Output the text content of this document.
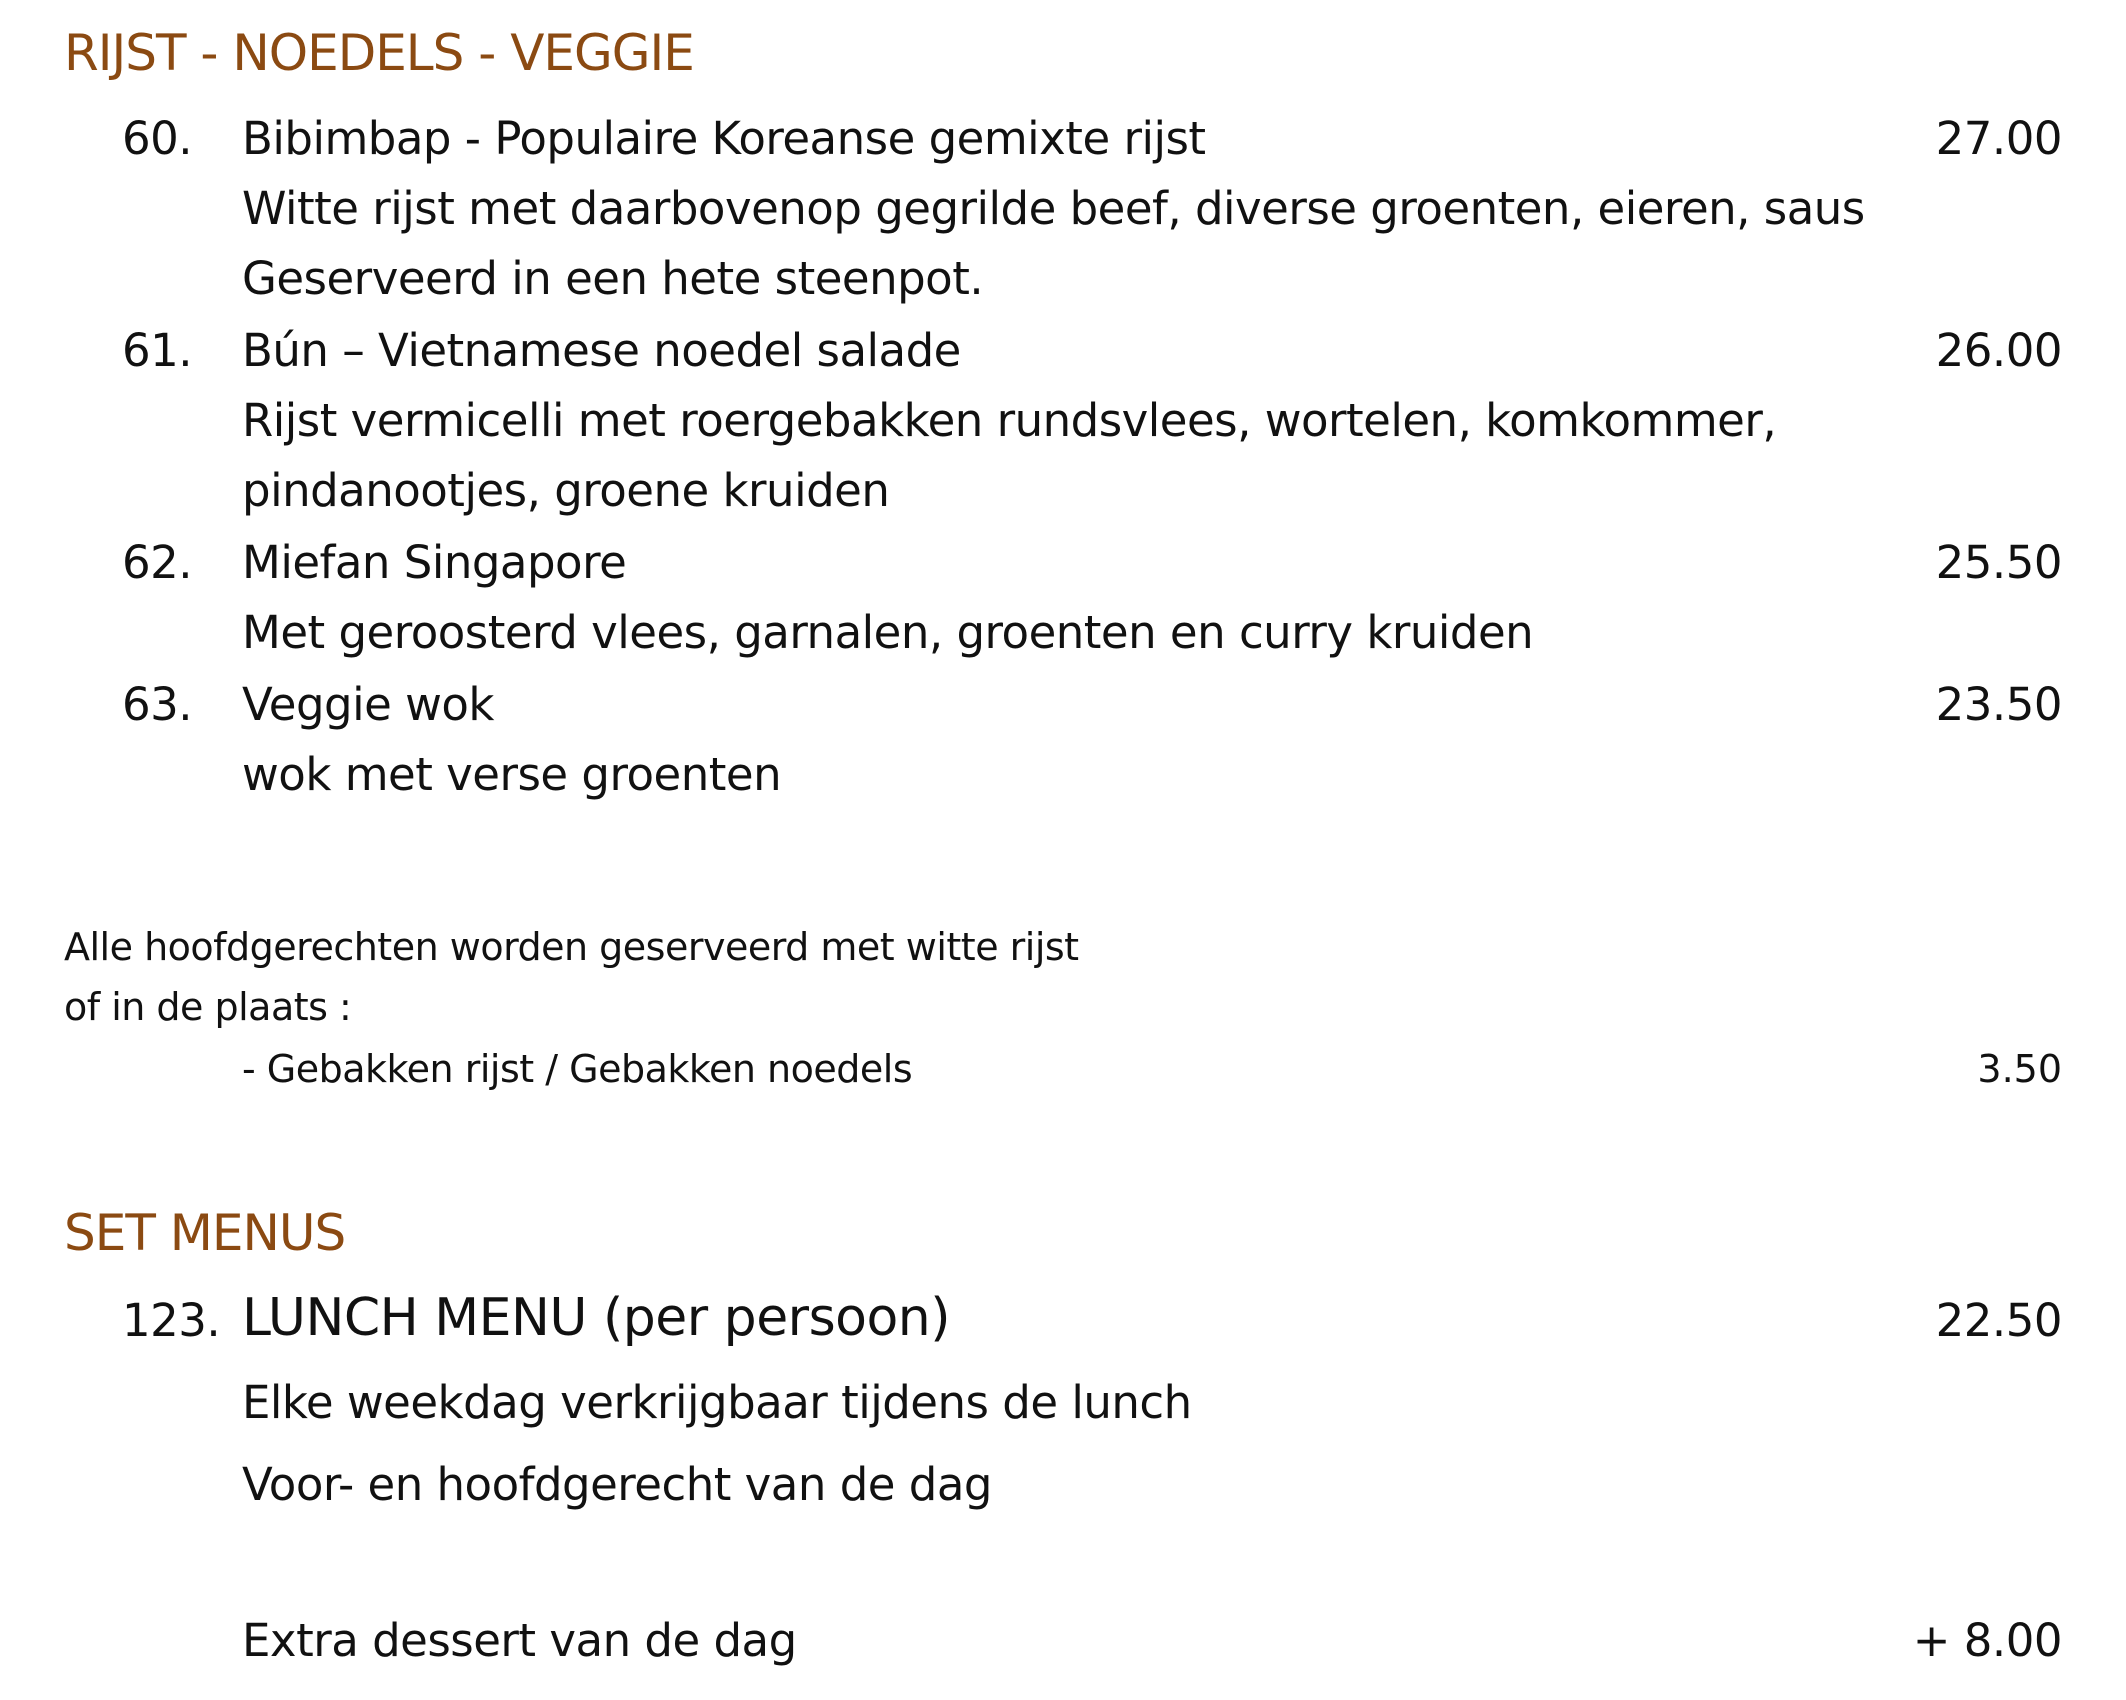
RIJST - NOEDELS - VEGGIE
60. Bibimbap - Populaire Koreanse gemixte rijst	27.00
Witte rijst met daarbovenop gegrilde beef, diverse groenten, eieren, saus
Geserveerd in een hete steenpot.
61. Bún – Vietnamese noedel salade	26.00
Rijst vermicelli met roergebakken rundsvlees, wortelen, komkommer,
pindanootjes, groene kruiden
62. Miefan Singapore	25.50
Met geroosterd vlees, garnalen, groenten en curry kruiden
63. Veggie wok	23.50
wok met verse groenten
Alle hoofdgerechten worden geserveerd met witte rijst
of in de plaats :
- Gebakken rijst / Gebakken noedels	3.50
SET MENUS
123. LUNCH MENU (per persoon)	22.50
Elke weekdag verkrijgbaar tijdens de lunch
Voor- en hoofdgerecht van de dag
Extra dessert van de dag	+ 8.00
